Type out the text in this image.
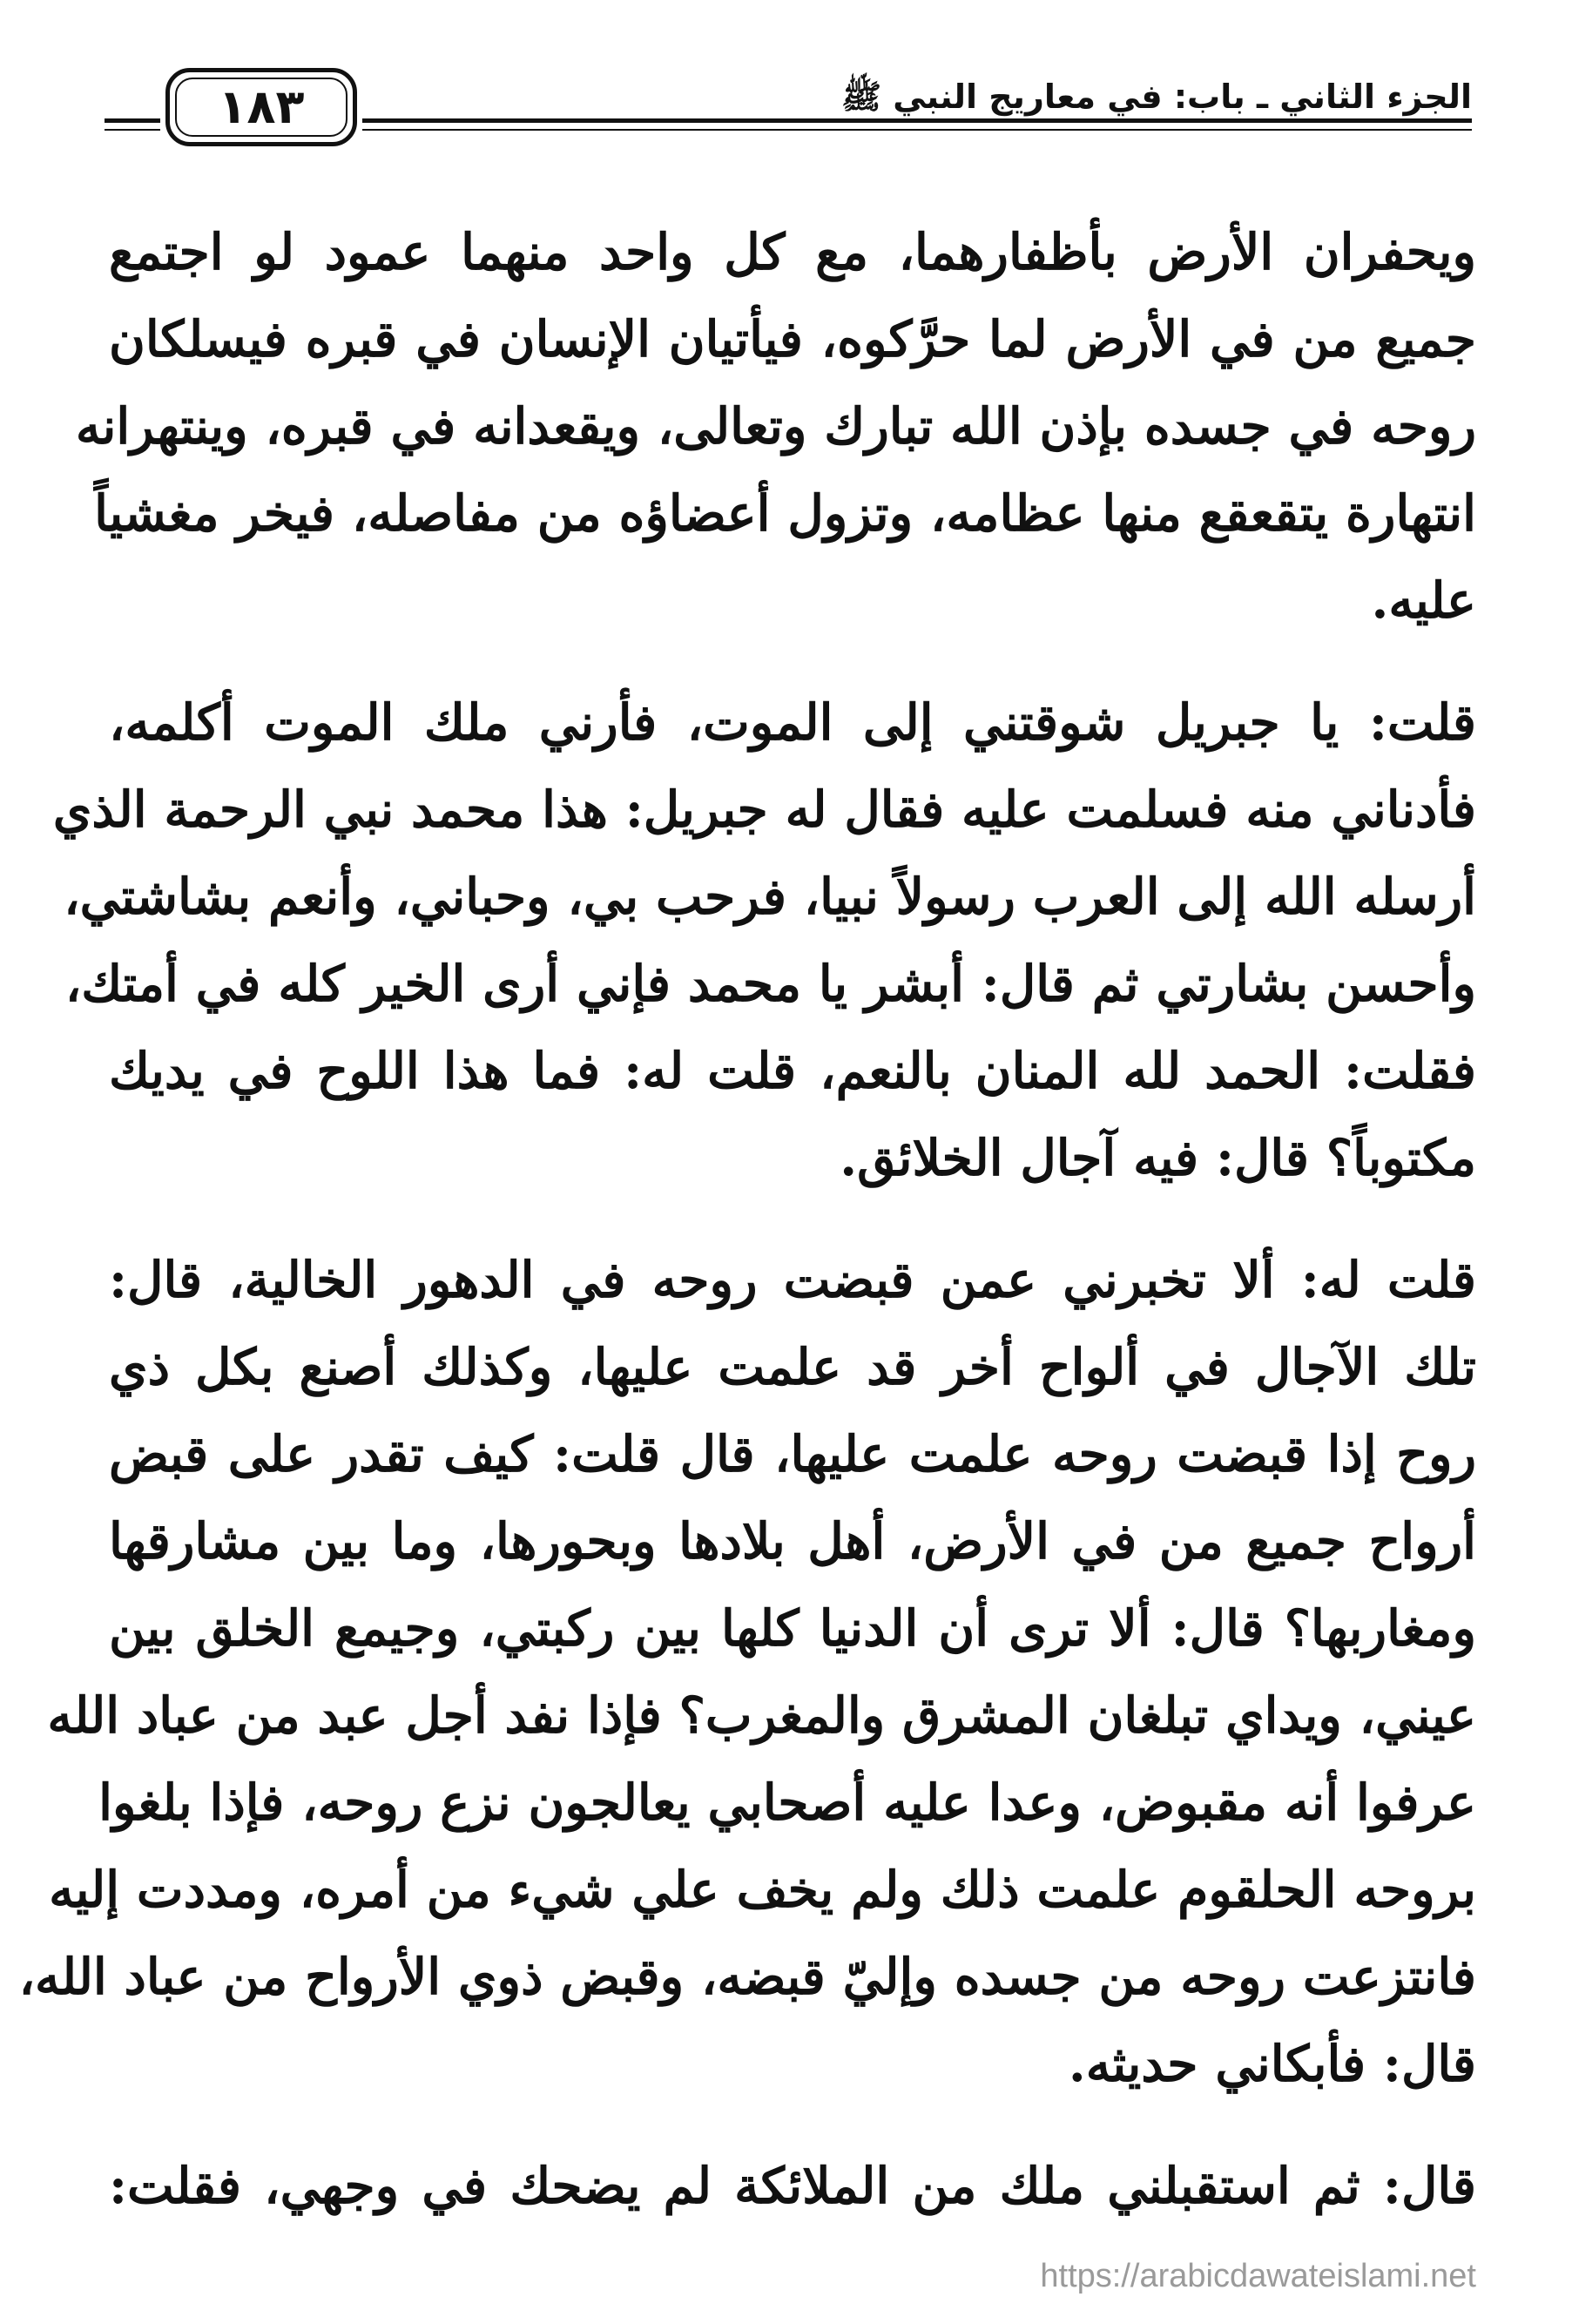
١٨٣	الجزء الثاني ـ باب: في معاريج النبي ﷺ

ويحفران الأرض بأظفارهما، مع كل واحد منهما عمود لو اجتمع
جميع من في الأرض لما حرَّكوه، فيأتيان الإنسان في قبره فيسلكان
روحه في جسده بإذن الله تبارك وتعالى، ويقعدانه في قبره، وينتهرانه
انتهارة يتقعقع منها عظامه، وتزول أعضاؤه من مفاصله، فيخر مغشياً
عليه.

قلت: يا جبريل شوقتني إلى الموت، فأرني ملك الموت أكلمه،
فأدناني منه فسلمت عليه فقال له جبريل: هذا محمد نبي الرحمة الذي
أرسله الله إلى العرب رسولاً نبيا، فرحب بي، وحباني، وأنعم بشاشتي،
وأحسن بشارتي ثم قال: أبشر يا محمد فإني أرى الخير كله في أمتك،
فقلت: الحمد لله المنان بالنعم، قلت له: فما هذا اللوح في يديك
مكتوباً؟ قال: فيه آجال الخلائق.

قلت له: ألا تخبرني عمن قبضت روحه في الدهور الخالية، قال:
تلك الآجال في ألواح أخر قد علمت عليها، وكذلك أصنع بكل ذي
روح إذا قبضت روحه علمت عليها، قال قلت: كيف تقدر على قبض
أرواح جميع من في الأرض، أهل بلادها وبحورها، وما بين مشارقها
ومغاربها؟ قال: ألا ترى أن الدنيا كلها بين ركبتي، وجيمع الخلق بين
عيني، ويداي تبلغان المشرق والمغرب؟ فإذا نفد أجل عبد من عباد الله
عرفوا أنه مقبوض، وعدا عليه أصحابي يعالجون نزع روحه، فإذا بلغوا
بروحه الحلقوم علمت ذلك ولم يخف علي شيء من أمره، ومددت إليه
فانتزعت روحه من جسده وإليّ قبضه، وقبض ذوي الأرواح من عباد الله،
قال: فأبكاني حديثه.

قال: ثم استقبلني ملك من الملائكة لم يضحك في وجهي، فقلت:

https://arabicdawateislami.net
